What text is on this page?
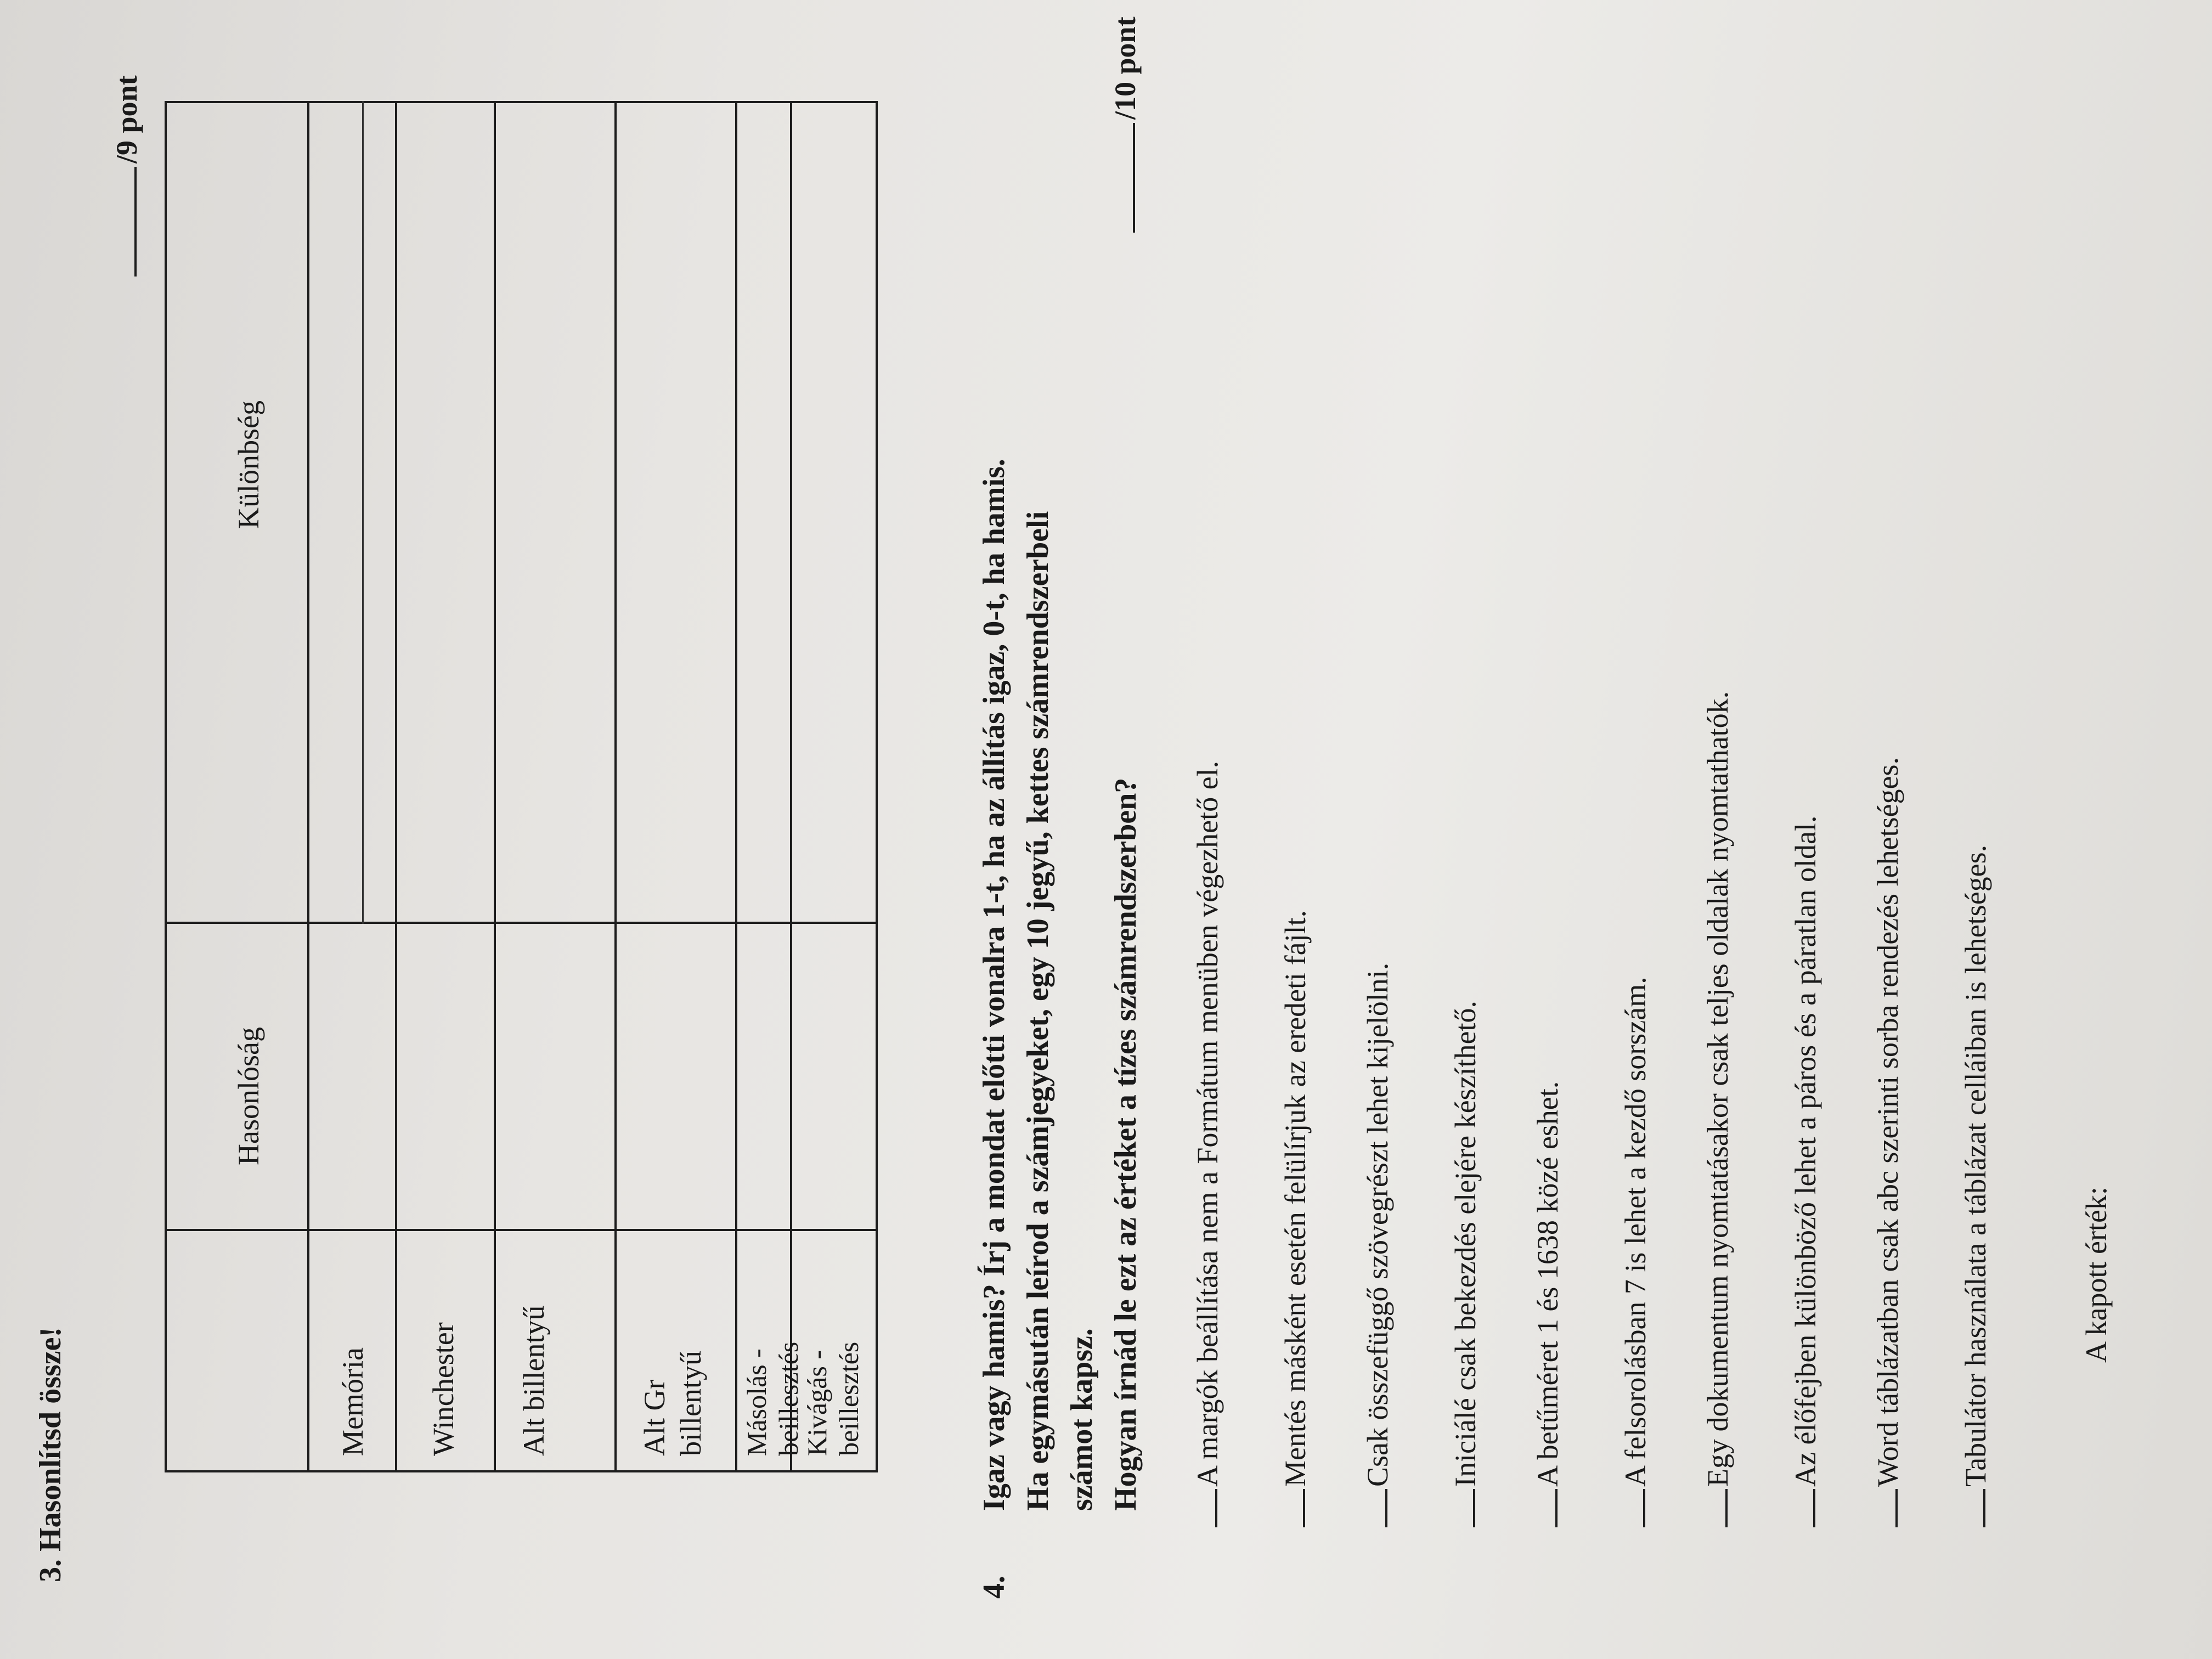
3. Hasonlítsd össze!
/9 pont
Hasonlóság
Különbség
Memória Winchester Alt billentyű	Alt Gr billentyű Másolás - beillesztés
Kivágás - beillesztés
4.
Igaz vagy hamis? Írj a mondat előtti vonalra 1-t, ha az állítás igaz, 0-t, ha hamis. Ha egymásután leírod a számjegyeket, egy 10 jegyű, kettes számrendszerbeli számot kapsz. Hogyan írnád le ezt az értéket a tízes számrendszerben?
/10 pont
A margók beállítása nem a Formátum menüben végezhető el. Mentés másként esetén felülírjuk az eredeti fájlt. Csak összefüggő szövegrészt lehet kijelölni. Iniciálé csak bekezdés elejére készíthető. A betűméret 1 és 1638 közé eshet. A felsorolásban 7 is lehet a kezdő sorszám. Egy dokumentum nyomtatásakor csak teljes oldalak nyomtathatók. Az élőfejben különböző lehet a páros és a páratlan oldal. Word táblázatban csak abc szerinti sorba rendezés lehetséges. Tabulátor használata a táblázat celláiban is lehetséges.	A kapott érték:
